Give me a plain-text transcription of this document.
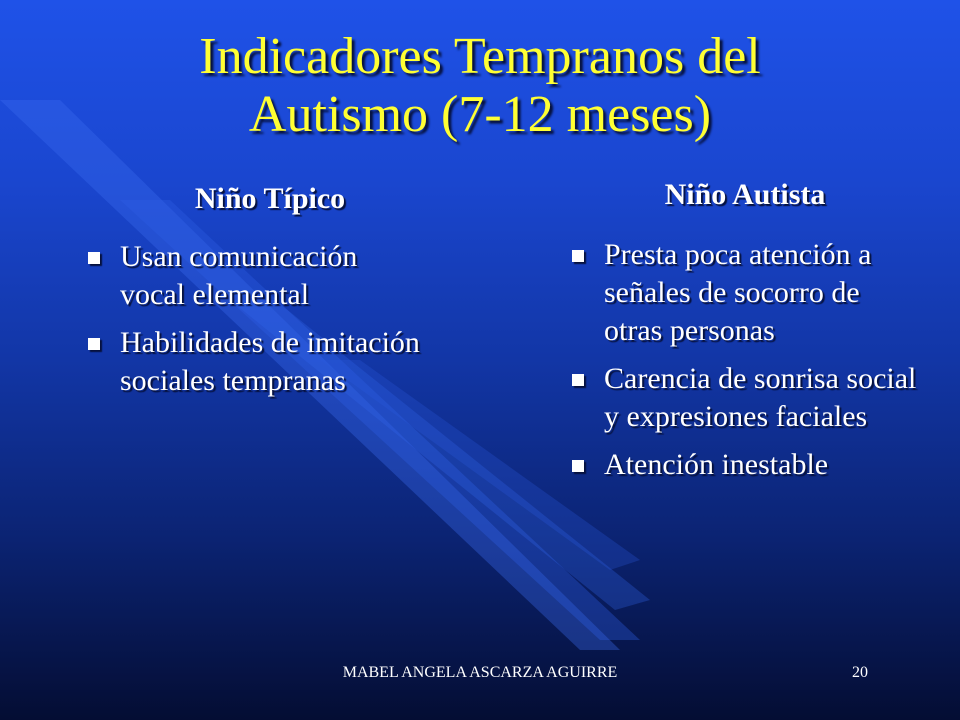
Indicadores Tempranos del
Autismo (7-12 meses)
Niño Típico
Usan comunicación vocal elemental
Habilidades de imitación sociales tempranas
Niño Autista
Presta poca atención a señales de socorro de otras personas
Carencia de sonrisa social y expresiones faciales
Atención inestable
MABEL ANGELA ASCARZA AGUIRRE	20
